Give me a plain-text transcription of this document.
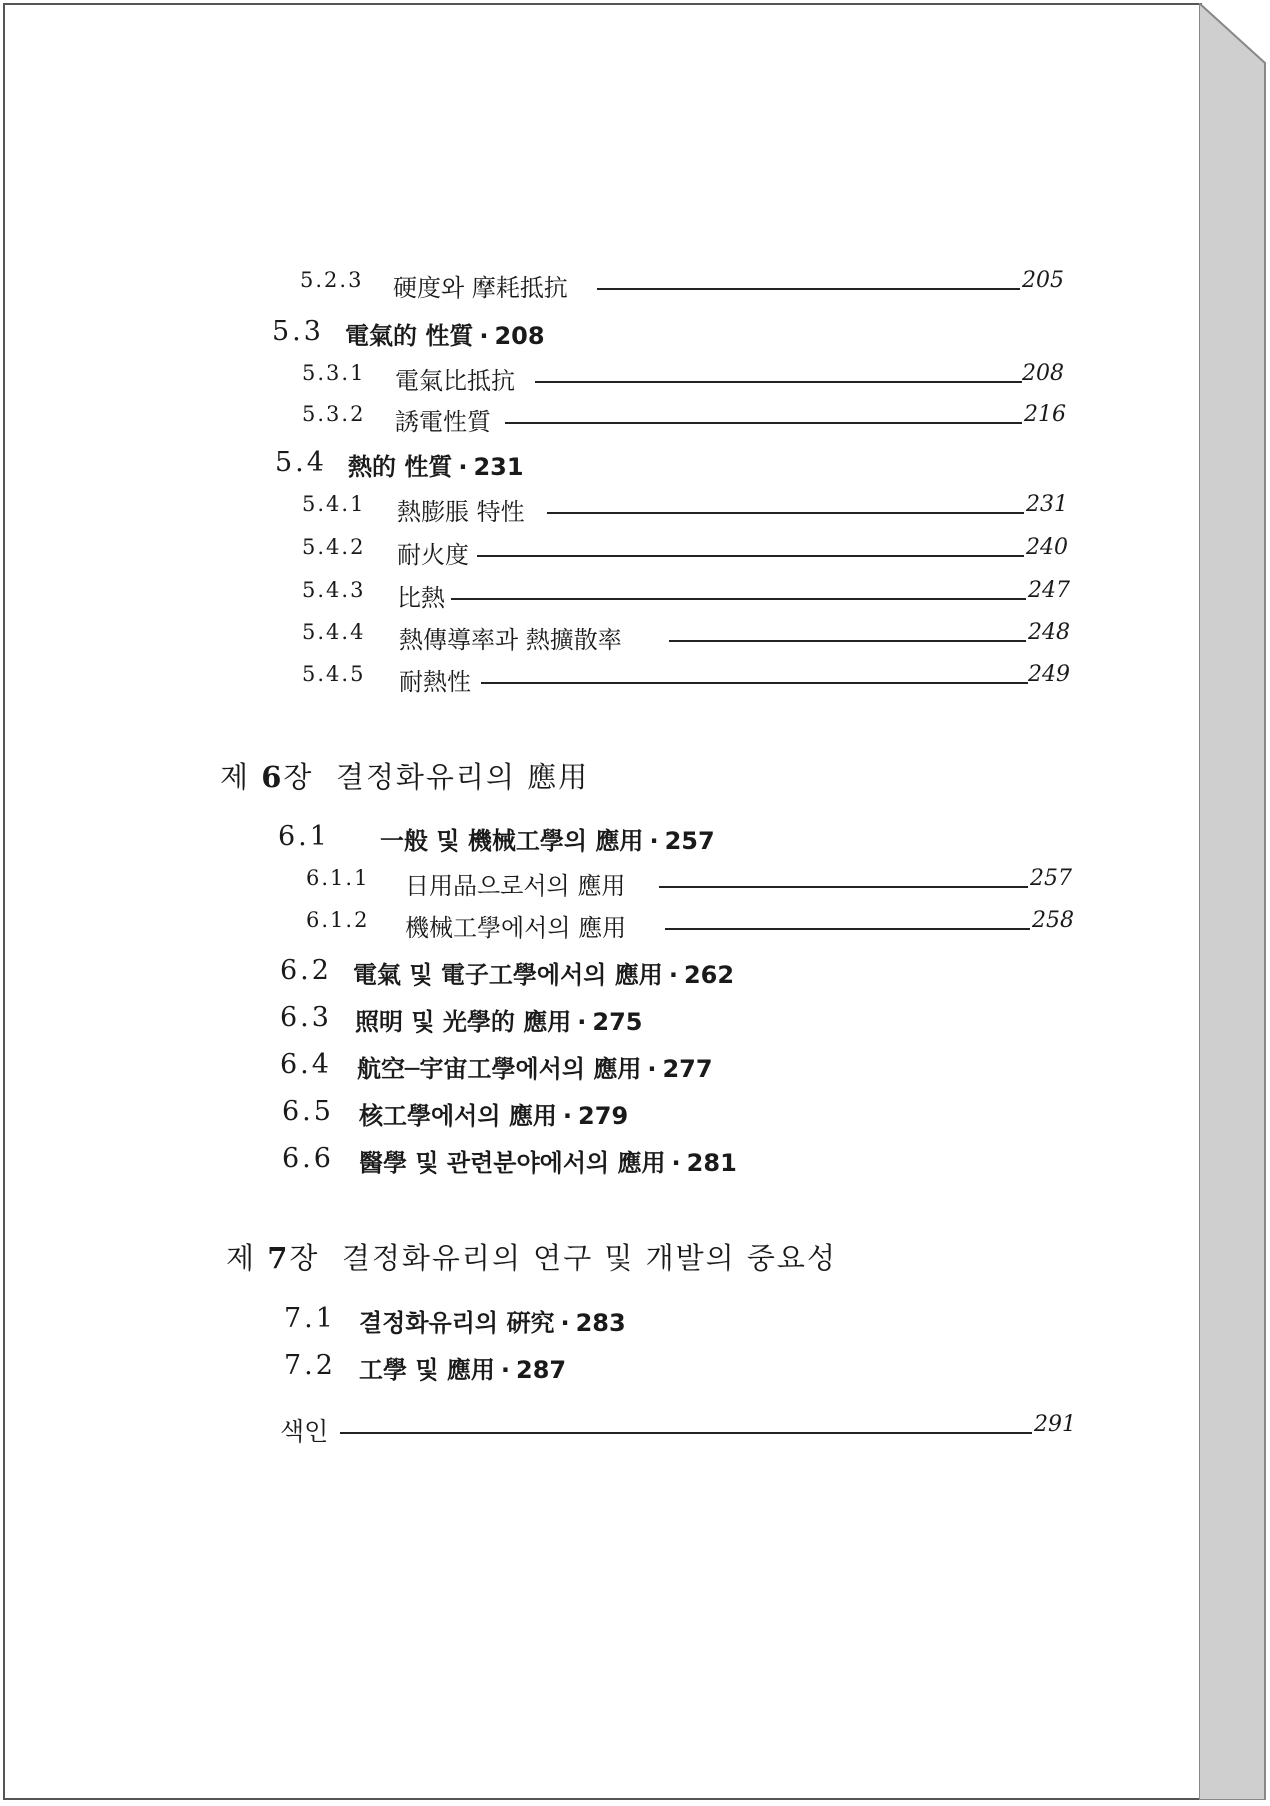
5.2.3 硬度와 摩耗抵抗	205
5.3 電氣的 性質 · 208
5.3.1 電氣比抵抗	208
5.3.2 誘電性質	216
5.4 熱的 性質 · 231
5.4.1 熱膨脹 特性	231
5.4.2 耐火度	240
5.4.3 比熱	247
5.4.4 熱傳導率과 熱擴散率	248
5.4.5 耐熱性	249
제 6장 결정화유리의 應用
6.1 一般 및 機械工學의 應用 · 257
6.1.1 日用品으로서의 應用	257
6.1.2 機械工學에서의 應用	258
6.2 電氣 및 電子工學에서의 應用 · 262
6.3 照明 및 光學的 應用 · 275
6.4 航空─宇宙工學에서의 應用 · 277
6.5 核工學에서의 應用 · 279
6.6 醫學 및 관련분야에서의 應用 · 281
제 7장 결정화유리의 연구 및 개발의 중요성
7.1 결정화유리의 硏究 · 283
7.2 工學 및 應用 · 287
색인	291
